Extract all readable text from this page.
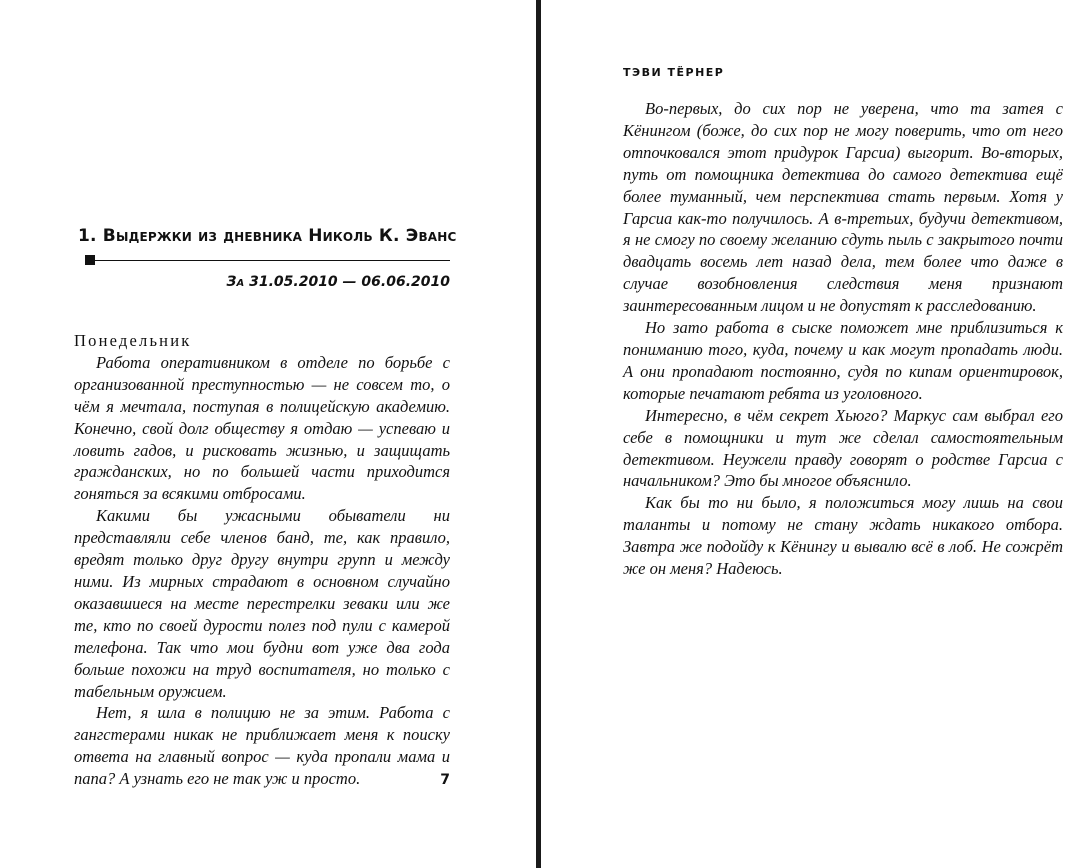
1. Выдержки из дневника Николь К. Эванс
За 31.05.2010 — 06.06.2010

Понедельник

Работа оперативником в отделе по борьбе с организованной преступностью — не совсем то, о чём я мечтала, поступая в полицейскую академию. Конечно, свой долг обществу я отдаю — успеваю и ловить гадов, и рисковать жизнью, и защищать гражданских, но по большей части приходится гоняться за всякими отбросами.

Какими бы ужасными обыватели ни представляли себе членов банд, те, как правило, вредят только друг другу внутри групп и между ними. Из мирных страдают в основном случайно оказавшиеся на месте перестрелки зеваки или же те, кто по своей дурости полез под пули с камерой телефона. Так что мои будни вот уже два года больше похожи на труд воспитателя, но только с табельным оружием.

Нет, я шла в полицию не за этим. Работа с гангстерами никак не приближает меня к поиску ответа на главный вопрос — куда пропали мама и папа? А узнать его не так уж и просто.	7
ТЭВИ ТЁРНЕР

Во-первых, до сих пор не уверена, что та затея с Кёнингом (боже, до сих пор не могу поверить, что от него отпочковался этот придурок Гарсиа) выгорит. Во-вторых, путь от помощника детектива до самого детектива ещё более туманный, чем перспектива стать первым. Хотя у Гарсиа как-то получилось. А в-третьих, будучи детективом, я не смогу по своему желанию сдуть пыль с закрытого почти двадцать восемь лет назад дела, тем более что даже в случае возобновления следствия меня признают заинтересованным лицом и не допустят к расследованию.

Но зато работа в сыске поможет мне приблизиться к пониманию того, куда, почему и как могут пропадать люди. А они пропадают постоянно, судя по кипам ориентировок, которые печатают ребята из уголовного.

Интересно, в чём секрет Хьюго? Маркус сам выбрал его себе в помощники и тут же сделал самостоятельным детективом. Неужели правду говорят о родстве Гарсиа с начальником? Это бы многое объяснило.

Как бы то ни было, я положиться могу лишь на свои таланты и потому не стану ждать никакого отбора. Завтра же подойду к Кёнингу и вывалю всё в лоб. Не сожрёт же он меня? Надеюсь.
